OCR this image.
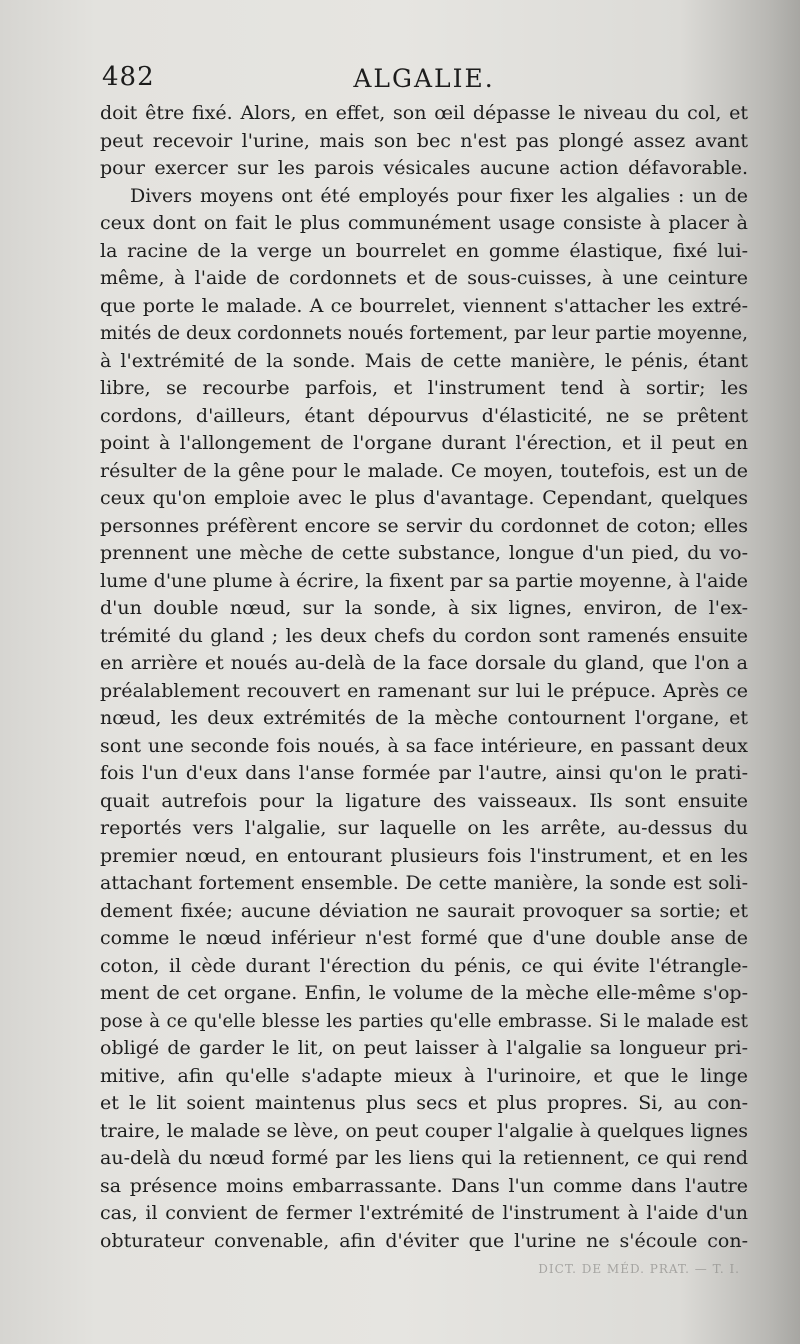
482	ALGALIE.
doit être fixé. Alors, en effet, son œil dépasse le niveau du col, et
peut recevoir l'urine, mais son bec n'est pas plongé assez avant
pour exercer sur les parois vésicales aucune action défavorable.
Divers moyens ont été employés pour fixer les algalies : un de
ceux dont on fait le plus communément usage consiste à placer à
la racine de la verge un bourrelet en gomme élastique, fixé lui-
même, à l'aide de cordonnets et de sous-cuisses, à une ceinture
que porte le malade. A ce bourrelet, viennent s'attacher les extré-
mités de deux cordonnets noués fortement, par leur partie moyenne,
à l'extrémité de la sonde. Mais de cette manière, le pénis, étant
libre, se recourbe parfois, et l'instrument tend à sortir; les
cordons, d'ailleurs, étant dépourvus d'élasticité, ne se prêtent
point à l'allongement de l'organe durant l'érection, et il peut en
résulter de la gêne pour le malade. Ce moyen, toutefois, est un de
ceux qu'on emploie avec le plus d'avantage. Cependant, quelques
personnes préfèrent encore se servir du cordonnet de coton; elles
prennent une mèche de cette substance, longue d'un pied, du vo-
lume d'une plume à écrire, la fixent par sa partie moyenne, à l'aide
d'un double nœud, sur la sonde, à six lignes, environ, de l'ex-
trémité du gland ; les deux chefs du cordon sont ramenés ensuite
en arrière et noués au-delà de la face dorsale du gland, que l'on a
préalablement recouvert en ramenant sur lui le prépuce. Après ce
nœud, les deux extrémités de la mèche contournent l'organe, et
sont une seconde fois noués, à sa face intérieure, en passant deux
fois l'un d'eux dans l'anse formée par l'autre, ainsi qu'on le prati-
quait autrefois pour la ligature des vaisseaux. Ils sont ensuite
reportés vers l'algalie, sur laquelle on les arrête, au-dessus du
premier nœud, en entourant plusieurs fois l'instrument, et en les
attachant fortement ensemble. De cette manière, la sonde est soli-
dement fixée; aucune déviation ne saurait provoquer sa sortie; et
comme le nœud inférieur n'est formé que d'une double anse de
coton, il cède durant l'érection du pénis, ce qui évite l'étrangle-
ment de cet organe. Enfin, le volume de la mèche elle-même s'op-
pose à ce qu'elle blesse les parties qu'elle embrasse. Si le malade est
obligé de garder le lit, on peut laisser à l'algalie sa longueur pri-
mitive, afin qu'elle s'adapte mieux à l'urinoire, et que le linge
et le lit soient maintenus plus secs et plus propres. Si, au con-
traire, le malade se lève, on peut couper l'algalie à quelques lignes
au-delà du nœud formé par les liens qui la retiennent, ce qui rend
sa présence moins embarrassante. Dans l'un comme dans l'autre
cas, il convient de fermer l'extrémité de l'instrument à l'aide d'un
obturateur convenable, afin d'éviter que l'urine ne s'écoule con-
DICT. DE MÉD. PRAT. — T. I.
